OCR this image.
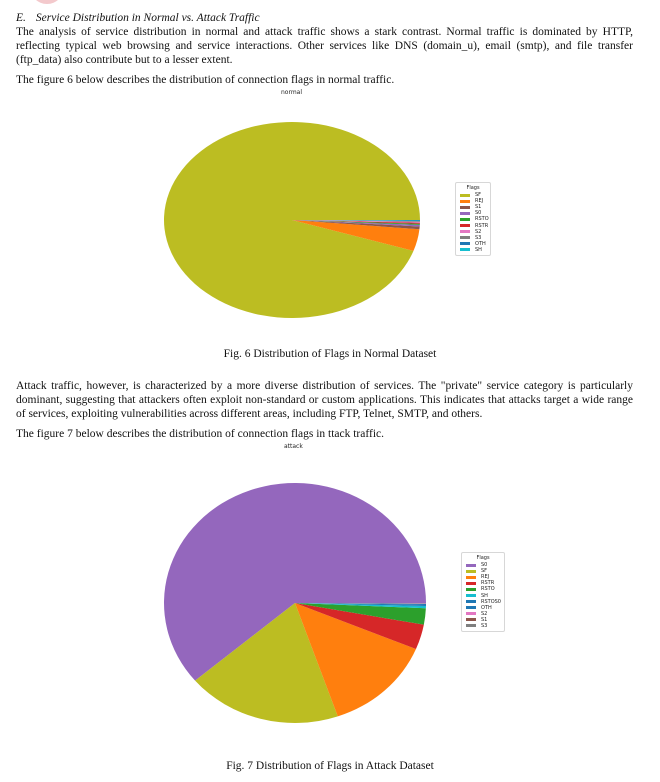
E. Service Distribution in Normal vs. Attack Traffic
The analysis of service distribution in normal and attack traffic shows a stark contrast. Normal traffic is dominated by HTTP, reflecting typical web browsing and service interactions. Other services like DNS (domain_u), email (smtp), and file transfer (ftp_data) also contribute but to a lesser extent.
The figure 6 below describes the distribution of connection flags in normal traffic.
normal
Flags
SF
REJ
S1
S0
RSTO
RSTR
S2
S3
OTH
SH
Fig. 6 Distribution of Flags in Normal Dataset
Attack traffic, however, is characterized by a more diverse distribution of services. The "private" service category is particularly dominant, suggesting that attackers often exploit non-standard or custom applications. This indicates that attacks target a wide range of services, exploiting vulnerabilities across different areas, including FTP, Telnet, SMTP, and others.
The figure 7 below describes the distribution of connection flags in ttack traffic.
attack
Flags
S0
SF
REJ
RSTR
RSTO
SH
RSTOS0
OTH
S2
S1
S3
Fig. 7 Distribution of Flags in Attack Dataset
